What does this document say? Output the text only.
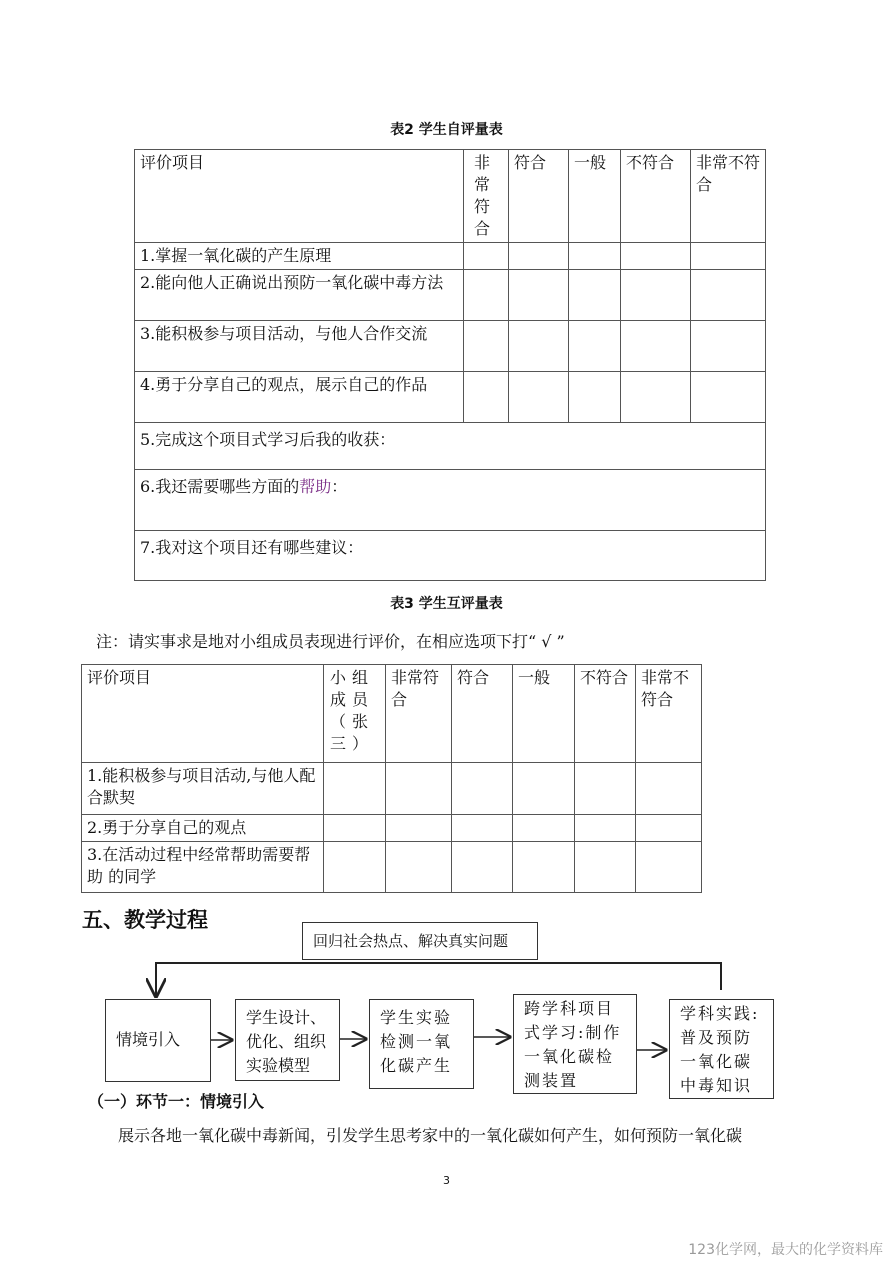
表2 学生自评量表
评价项目	非常符合	符合	一般	不符合	非常不符合
1.掌握一氧化碳的产生原理					
2.能向他人正确说出预防一氧化碳中毒方法					
3.能积极参与项目活动，与他人合作交流					
4.勇于分享自己的观点，展示自己的作品					
5.完成这个项目式学习后我的收获：					
6.我还需要哪些方面的帮助：					
7.我对这个项目还有哪些建议：					
表3 学生互评量表
注：请实事求是地对小组成员表现进行评价，在相应选项下打“ √ ”
评价项目	小组成员（张三）	非常符合	符合	一般	不符合	非常不符合
1.能积极参与项目活动,与他人配 合默契						
2.勇于分享自己的观点						
3.在活动过程中经常帮助需要帮助 的同学						
五、教学过程
回归社会热点、解决真实问题
情境引入
学生设计、优化、组织实验模型
学生实验检测一氧化碳产生
跨学科项目式学习:制作一氧化碳检测装置
学科实践:普及预防一氧化碳中毒知识
（一）环节一：情境引入
展示各地一氧化碳中毒新闻，引发学生思考家中的一氧化碳如何产生，如何预防一氧化碳
3
123化学网，最大的化学资料库
